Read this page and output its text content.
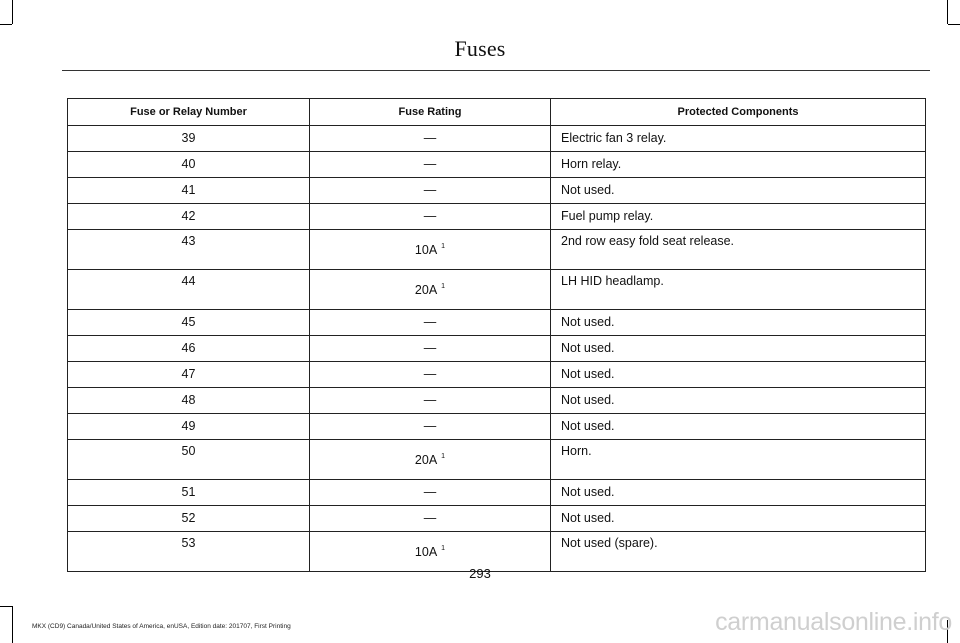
Fuses
Fuse or Relay Number	Fuse Rating	Protected Components
39	—	Electric fan 3 relay.
40	—	Horn relay.
41	—	Not used.
42	—	Fuel pump relay.
43	10A $^1$	2nd row easy fold seat release.
44	20A $^1$	LH HID headlamp.
45	—	Not used.
46	—	Not used.
47	—	Not used.
48	—	Not used.
49	—	Not used.
50	20A $^1$	Horn.
51	—	Not used.
52	—	Not used.
53	10A $^1$	Not used (spare).
293
MKX (CD9) Canada/United States of America, enUSA, Edition date: 201707, First Printing	carmanualsonline.info
